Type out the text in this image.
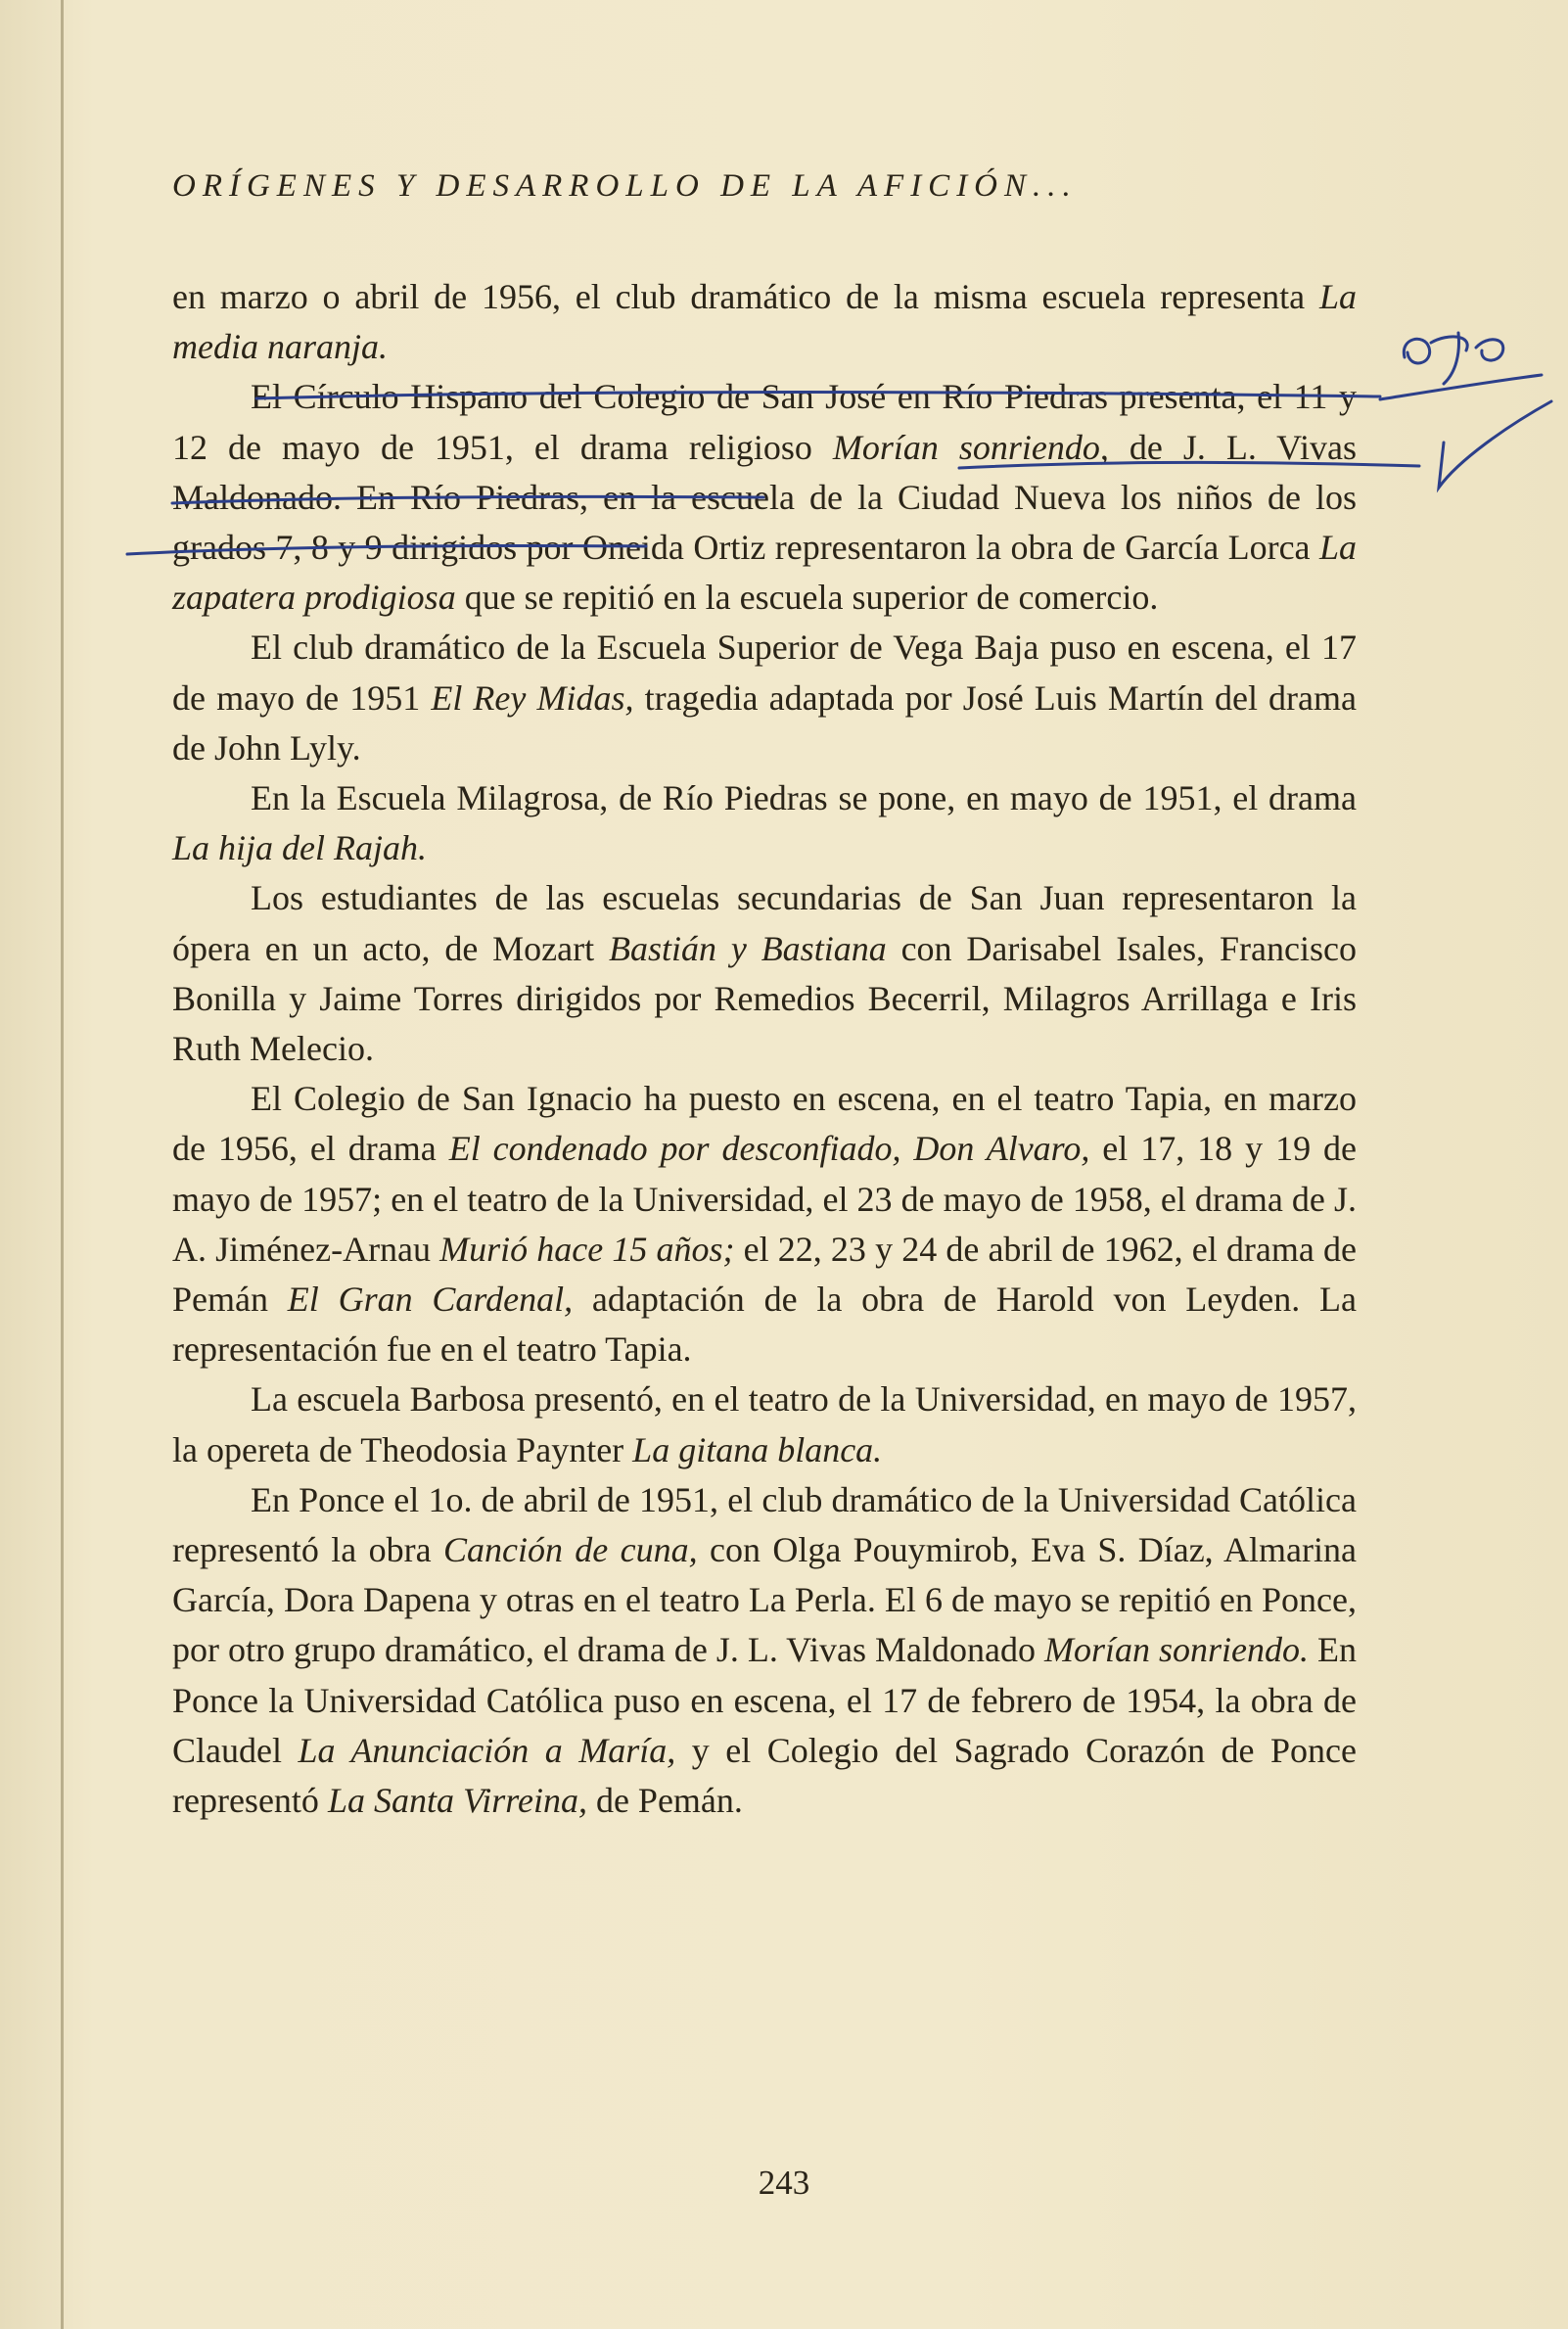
ORÍGENES Y DESARROLLO DE LA AFICIÓN...

en marzo o abril de 1956, el club dramático de la misma escuela representa La media naranja.

El Círculo Hispano del Colegio de San José en Río Piedras presenta, el 11 y 12 de mayo de 1951, el drama religioso Morían sonriendo, de J. L. Vivas Maldonado. En Río Piedras, en la escuela de la Ciudad Nueva los niños de los grados 7, 8 y 9 dirigidos por Oneida Ortiz representaron la obra de García Lorca La zapatera prodigiosa que se repitió en la escuela superior de comercio.

El club dramático de la Escuela Superior de Vega Baja puso en escena, el 17 de mayo de 1951 El Rey Midas, tragedia adaptada por José Luis Martín del drama de John Lyly.

En la Escuela Milagrosa, de Río Piedras se pone, en mayo de 1951, el drama La hija del Rajah.

Los estudiantes de las escuelas secundarias de San Juan representaron la ópera en un acto, de Mozart Bastián y Bastiana con Darisabel Isales, Francisco Bonilla y Jaime Torres dirigidos por Remedios Becerril, Milagros Arrillaga e Iris Ruth Melecio.

El Colegio de San Ignacio ha puesto en escena, en el teatro Tapia, en marzo de 1956, el drama El condenado por desconfiado, Don Alvaro, el 17, 18 y 19 de mayo de 1957; en el teatro de la Universidad, el 23 de mayo de 1958, el drama de J. A. Jiménez-Arnau Murió hace 15 años; el 22, 23 y 24 de abril de 1962, el drama de Pemán El Gran Cardenal, adaptación de la obra de Harold von Leyden. La representación fue en el teatro Tapia.

La escuela Barbosa presentó, en el teatro de la Universidad, en mayo de 1957, la opereta de Theodosia Paynter La gitana blanca.

En Ponce el 1o. de abril de 1951, el club dramático de la Universidad Católica representó la obra Canción de cuna, con Olga Pouymirob, Eva S. Díaz, Almarina García, Dora Dapena y otras en el teatro La Perla. El 6 de mayo se repitió en Ponce, por otro grupo dramático, el drama de J. L. Vivas Maldonado Morían sonriendo. En Ponce la Universidad Católica puso en escena, el 17 de febrero de 1954, la obra de Claudel La Anunciación a María, y el Colegio del Sagrado Corazón de Ponce representó La Santa Virreina, de Pemán.

243
